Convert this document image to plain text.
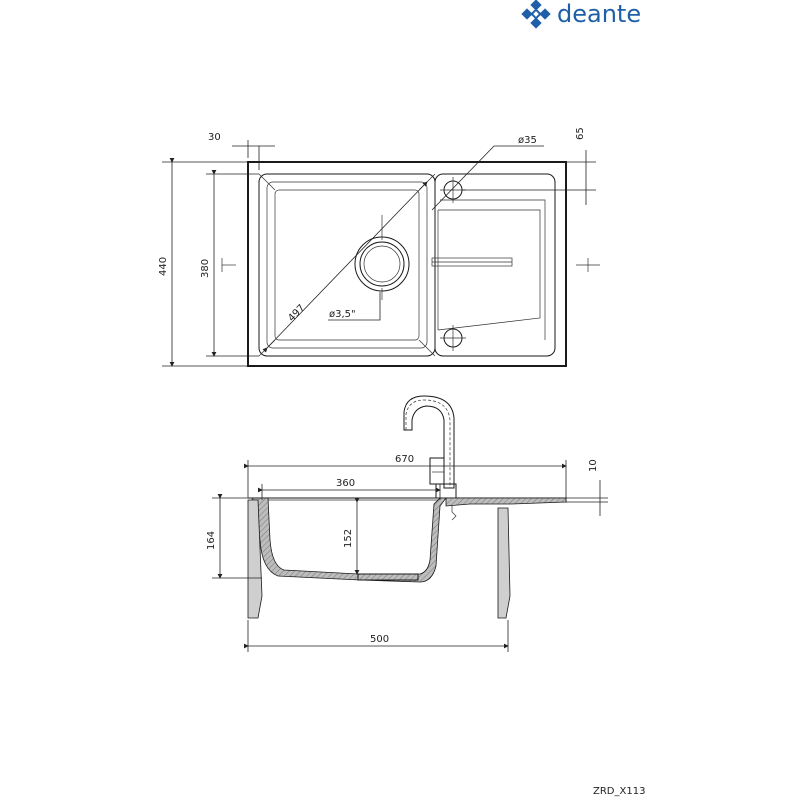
deante
497 ø3,5"
ø35
30	65
440	380
670
360
500
164	152
10
ZRD_X113
